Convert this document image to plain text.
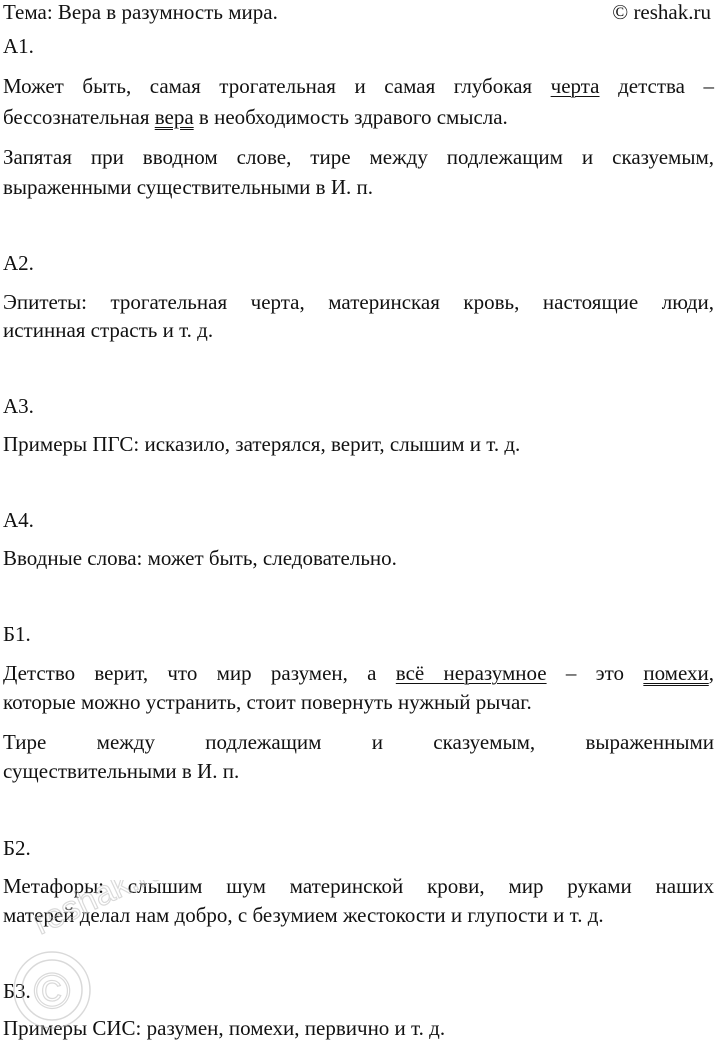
Тема: Вера в разумность мира.	© reshak.ru
А1.
Может быть, самая трогательная и самая глубокая черта детства –
бессознательная вера в необходимость здравого смысла.
Запятая при вводном слове, тире между подлежащим и сказуемым,
выраженными существительными в И. п.
А2.
Эпитеты: трогательная черта, материнская кровь, настоящие люди,
истинная страсть и т. д.
А3.
Примеры ПГС: исказило, затерялся, верит, слышим и т. д.
А4.
Вводные слова: может быть, следовательно.
Б1.
Детство верит, что мир разумен, а всё неразумное – это помехи,
которые можно устранить, стоит повернуть нужный рычаг.
Тире между подлежащим и сказуемым, выраженными
существительными в И. п.
Б2.
Метафоры: слышим шум материнской крови, мир руками наших
матерей делал нам добро, с безумием жестокости и глупости и т. д.
Б3.
Примеры СИС: разумен, помехи, первично и т. д.
©
reshak.ru
